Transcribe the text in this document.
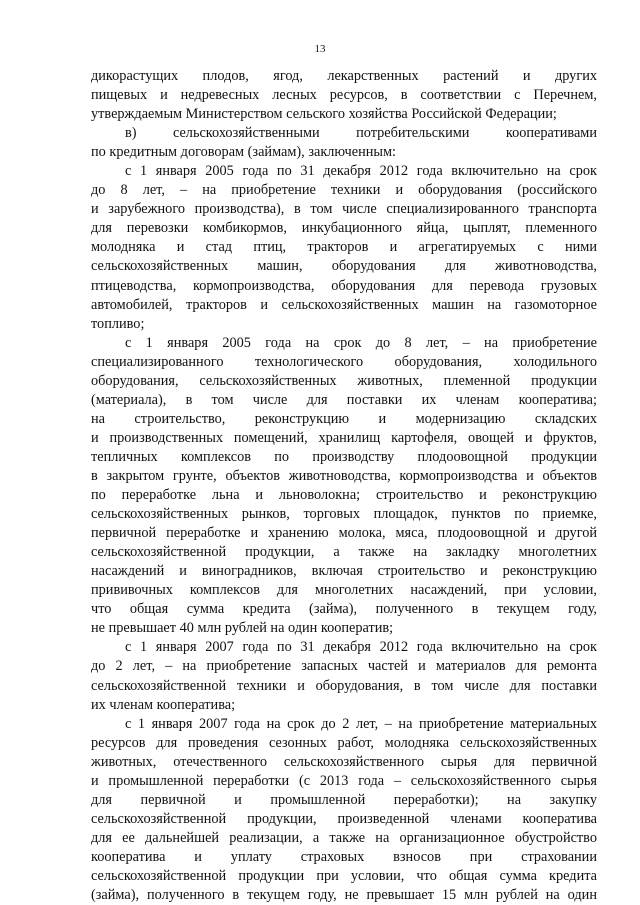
13
дикорастущих плодов, ягод, лекарственных растений и других
пищевых и недревесных лесных ресурсов, в соответствии с Перечнем,
утверждаемым Министерством сельского хозяйства Российской Федерации;
в) сельскохозяйственными потребительскими кооперативами
по кредитным договорам (займам), заключенным:
с 1 января 2005 года по 31 декабря 2012 года включительно на срок
до 8 лет, – на приобретение техники и оборудования (российского
и зарубежного производства), в том числе специализированного транспорта
для перевозки комбикормов, инкубационного яйца, цыплят, племенного
молодняка и стад птиц, тракторов и агрегатируемых с ними
сельскохозяйственных машин, оборудования для животноводства,
птицеводства, кормопроизводства, оборудования для перевода грузовых
автомобилей, тракторов и сельскохозяйственных машин на газомоторное
топливо;
с 1 января 2005 года на срок до 8 лет, – на приобретение
специализированного технологического оборудования, холодильного
оборудования, сельскохозяйственных животных, племенной продукции
(материала), в том числе для поставки их членам кооператива;
на строительство, реконструкцию и модернизацию складских
и производственных помещений, хранилищ картофеля, овощей и фруктов,
тепличных комплексов по производству плодоовощной продукции
в закрытом грунте, объектов животноводства, кормопроизводства и объектов
по переработке льна и льноволокна; строительство и реконструкцию
сельскохозяйственных рынков, торговых площадок, пунктов по приемке,
первичной переработке и хранению молока, мяса, плодоовощной и другой
сельскохозяйственной продукции, а также на закладку многолетних
насаждений и виноградников, включая строительство и реконструкцию
прививочных комплексов для многолетних насаждений, при условии,
что общая сумма кредита (займа), полученного в текущем году,
не превышает 40 млн рублей на один кооператив;
с 1 января 2007 года по 31 декабря 2012 года включительно на срок
до 2 лет, – на приобретение запасных частей и материалов для ремонта
сельскохозяйственной техники и оборудования, в том числе для поставки
их членам кооператива;
с 1 января 2007 года на срок до 2 лет, – на приобретение материальных
ресурсов для проведения сезонных работ, молодняка сельскохозяйственных
животных, отечественного сельскохозяйственного сырья для первичной
и промышленной переработки (с 2013 года – сельскохозяйственного сырья
для первичной и промышленной переработки); на закупку
сельскохозяйственной продукции, произведенной членами кооператива
для ее дальнейшей реализации, а также на организационное обустройство
кооператива и уплату страховых взносов при страховании
сельскохозяйственной продукции при условии, что общая сумма кредита
(займа), полученного в текущем году, не превышает 15 млн рублей на один
